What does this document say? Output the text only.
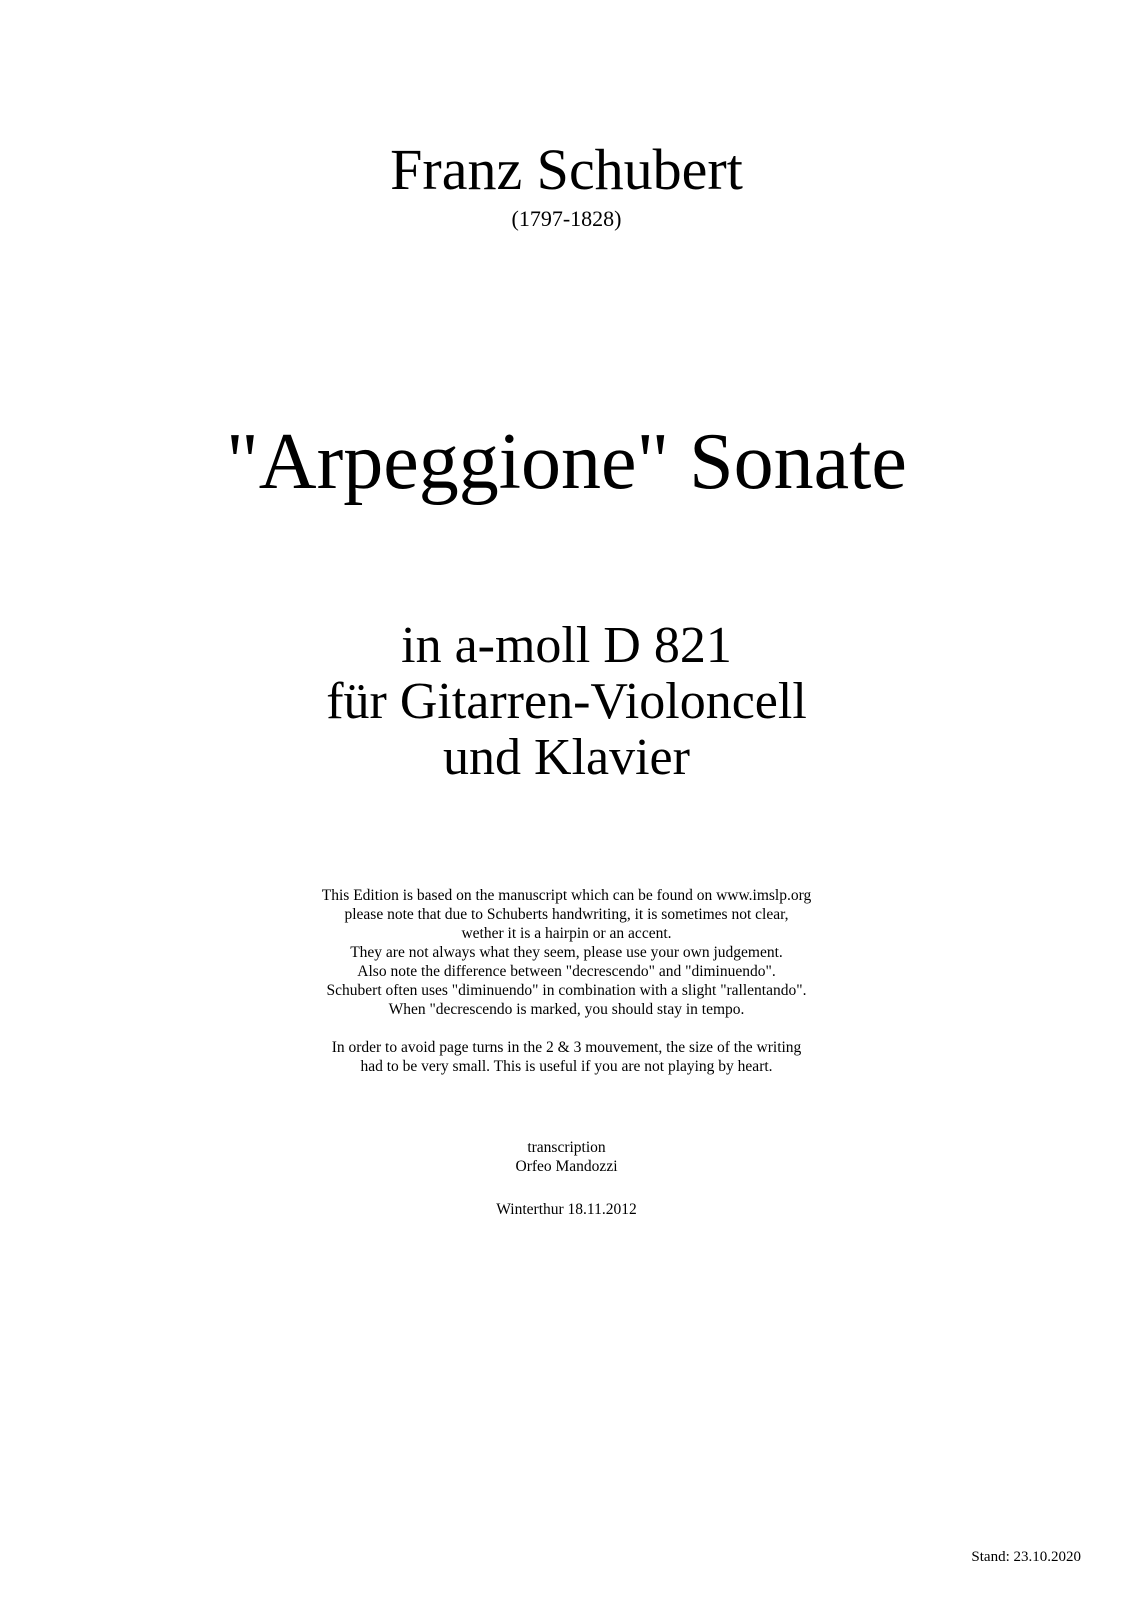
Franz Schubert
(1797-1828)
"Arpeggione" Sonate
in a-moll D 821
für Gitarren-Violoncell
und Klavier
This Edition is based on the manuscript which can be found on www.imslp.org
please note that due to Schuberts handwriting, it is sometimes not clear,
wether it is a hairpin or an accent.
They are not always what they seem, please use your own judgement.
Also note the difference between "decrescendo" and "diminuendo".
Schubert often uses "diminuendo" in combination with a slight "rallentando".
When "decrescendo is marked, you should stay in tempo.
In order to avoid page turns in the 2 & 3 mouvement, the size of the writing
had to be very small. This is useful if you are not playing by heart.
transcription
Orfeo Mandozzi
Winterthur 18.11.2012
Stand: 23.10.2020
